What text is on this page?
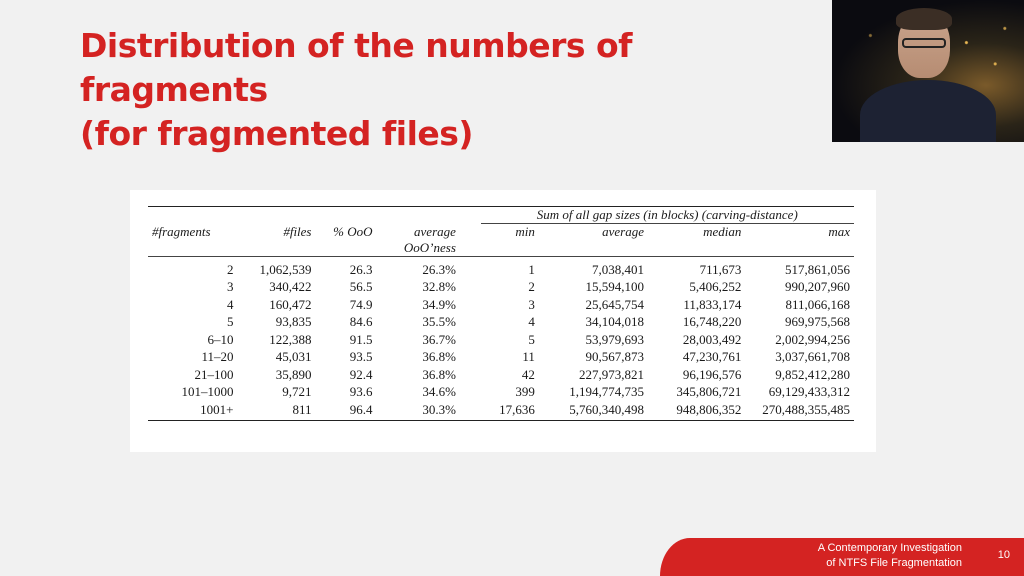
Distribution of the numbers of fragments
(for fragmented files)
					Sum of all gap sizes (in blocks) (carving-distance)			
#fragments	#files	% OoO	average
OoO’ness		min	average	median	max
2	1,062,539	26.3	26.3%		1	7,038,401	711,673	517,861,056
3	340,422	56.5	32.8%		2	15,594,100	5,406,252	990,207,960
4	160,472	74.9	34.9%		3	25,645,754	11,833,174	811,066,168
5	93,835	84.6	35.5%		4	34,104,018	16,748,220	969,975,568
6–10	122,388	91.5	36.7%		5	53,979,693	28,003,492	2,002,994,256
11–20	45,031	93.5	36.8%		11	90,567,873	47,230,761	3,037,661,708
21–100	35,890	92.4	36.8%		42	227,973,821	96,196,576	9,852,412,280
101–1000	9,721	93.6	34.6%		399	1,194,774,735	345,806,721	69,129,433,312
1001+	811	96.4	30.3%		17,636	5,760,340,498	948,806,352	270,488,355,485
A Contemporary Investigation
of NTFS File Fragmentation
10
